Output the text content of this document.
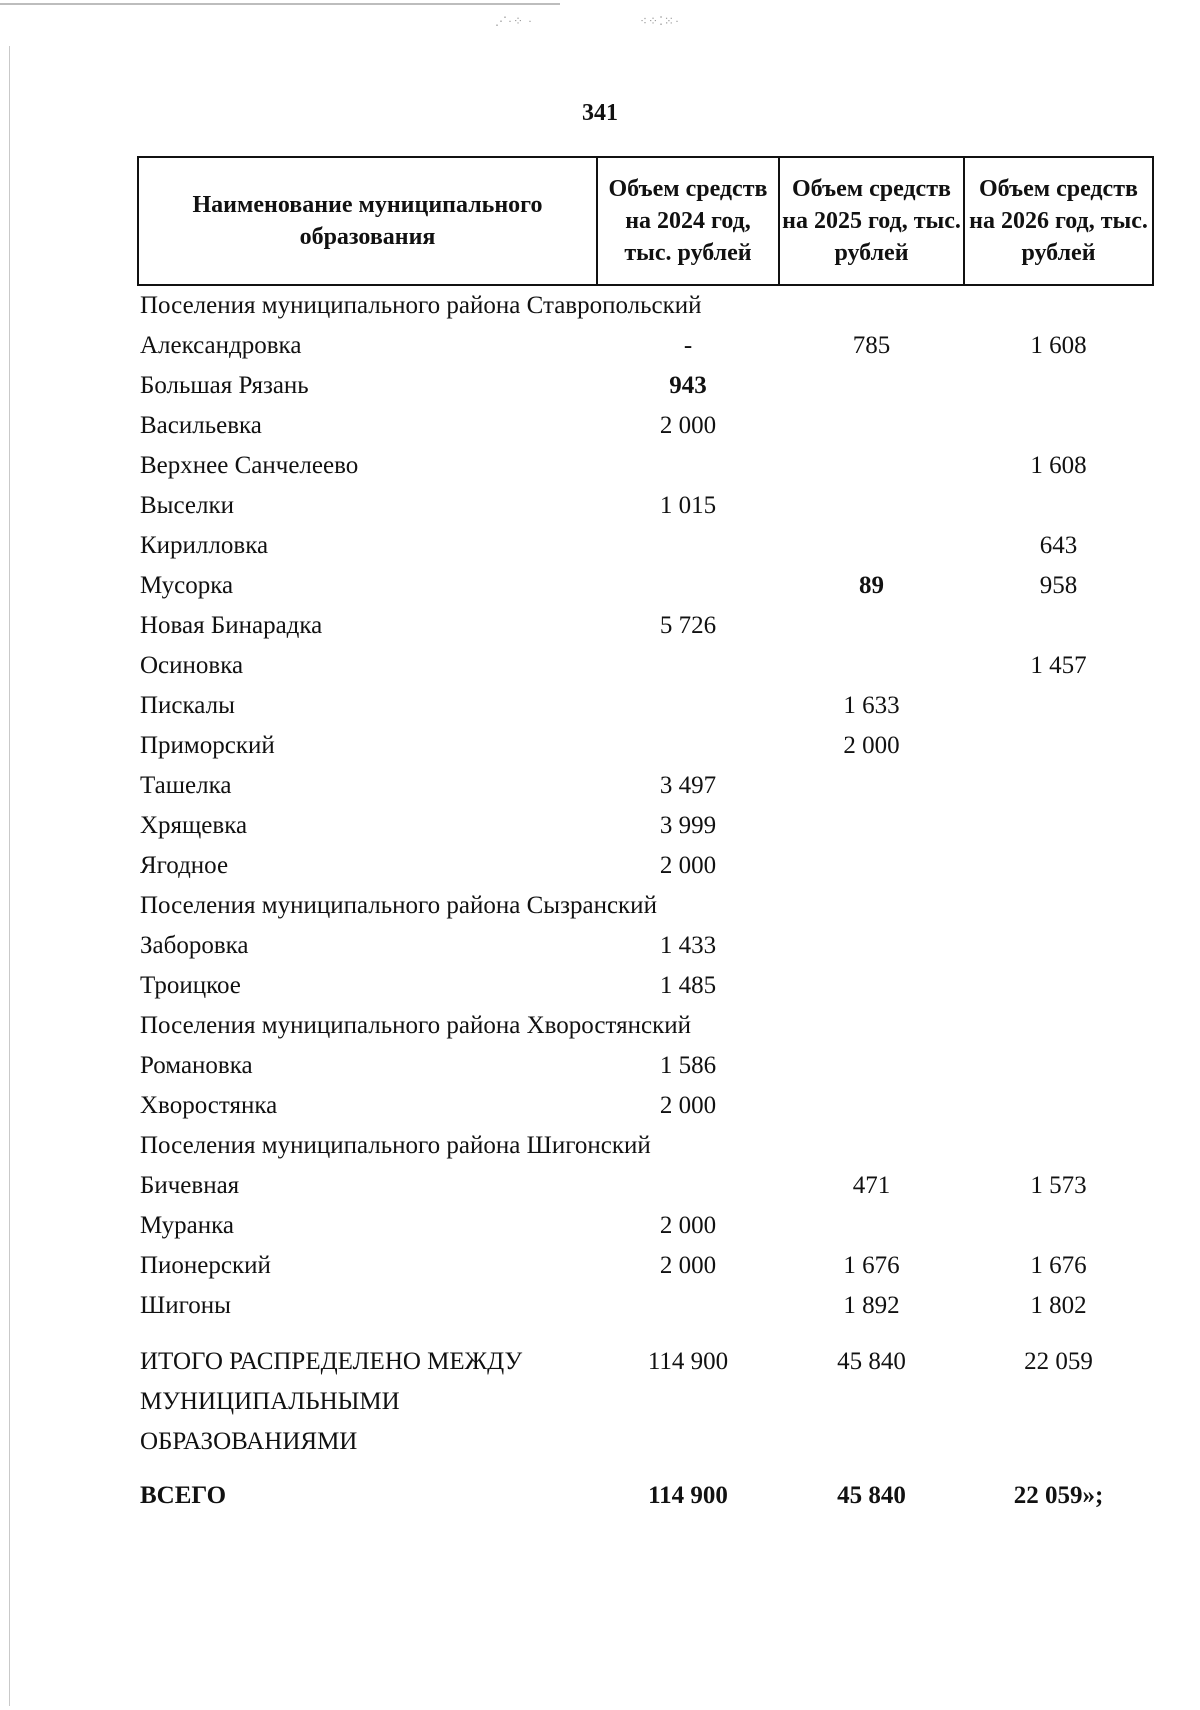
⋰·⁘ ·	⁖⁘⁚⁙·
341
Наименование муниципального образования	Объем средств на 2024 год, тыс. рублей	Объем средств на 2025 год, тыс. рублей	Объем средств на 2026 год, тыс. рублей
Поселения муниципального района Ставропольский			
Александровка	-	785	1 608
Большая Рязань	943		
Васильевка	2 000		
Верхнее Санчелеево			1 608
Выселки	1 015		
Кирилловка			643
Мусорка		89	958
Новая Бинарадка	5 726		
Осиновка			1 457
Пискалы		1 633	
Приморский		2 000	
Ташелка	3 497		
Хрящевка	3 999		
Ягодное	2 000		
Поселения муниципального района Сызранский			
Заборовка	1 433		
Троицкое	1 485		
Поселения муниципального района Хворостянский			
Романовка	1 586		
Хворостянка	2 000		
Поселения муниципального района Шигонский			
Бичевная		471	1 573
Муранка	2 000		
Пионерский	2 000	1 676	1 676
Шигоны		1 892	1 802
ИТОГО РАСПРЕДЕЛЕНО МЕЖДУ МУНИЦИПАЛЬНЫМИ ОБРАЗОВАНИЯМИ	114 900	45 840	22 059
ВСЕГО	114 900	45 840	22 059»;
